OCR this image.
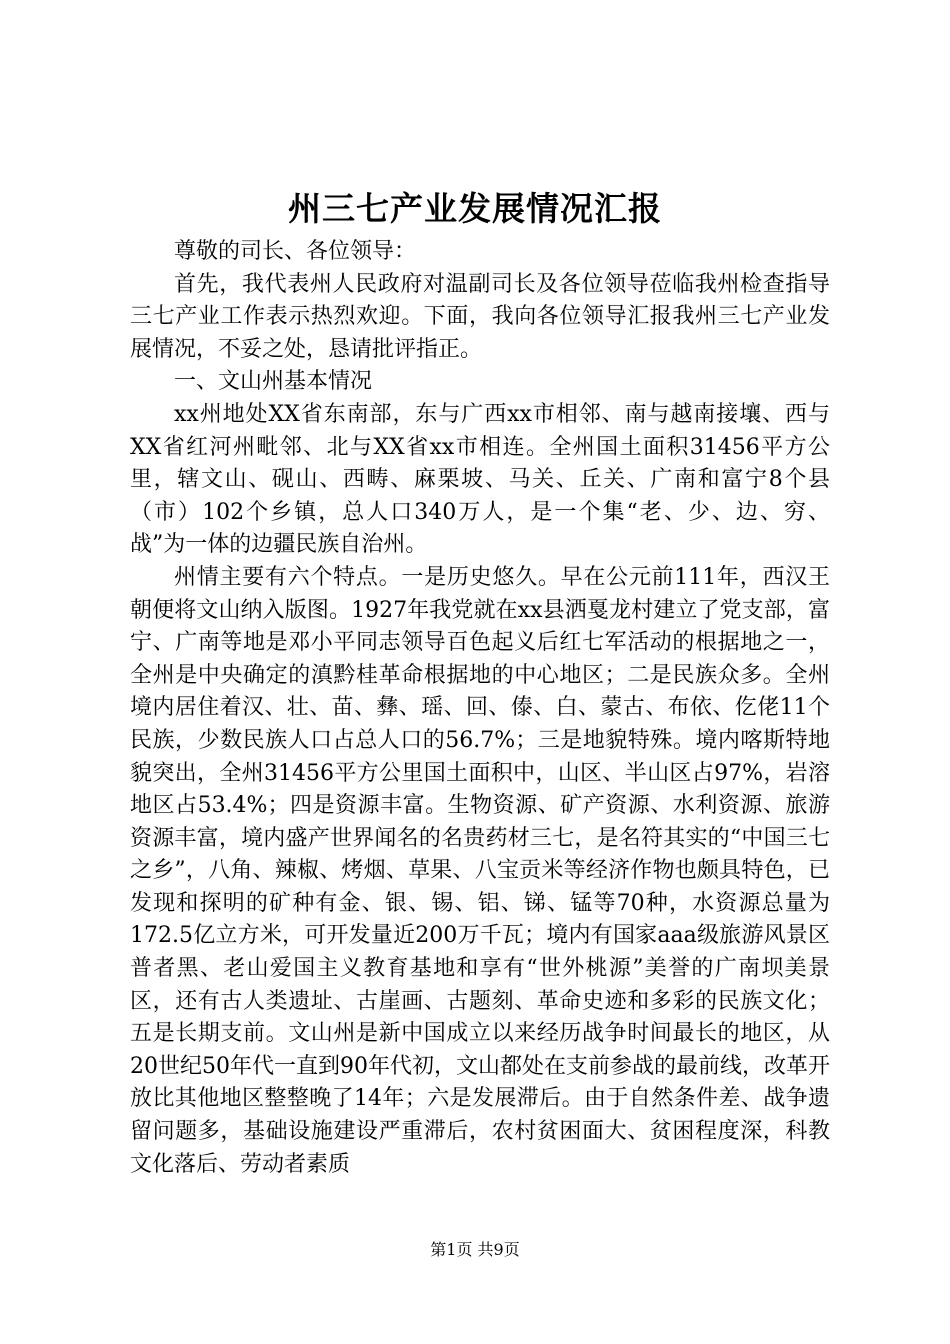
州三七产业发展情况汇报

尊敬的司长、各位领导：

首先，我代表州人民政府对温副司长及各位领导莅临我州检查指导三七产业工作表示热烈欢迎。下面，我向各位领导汇报我州三七产业发展情况，不妥之处，恳请批评指正。

一、文山州基本情况

xx州地处XX省东南部，东与广西xx市相邻、南与越南接壤、西与XX省红河州毗邻、北与XX省xx市相连。全州国土面积31456平方公里，辖文山、砚山、西畴、麻栗坡、马关、丘关、广南和富宁8个县（市）102个乡镇，总人口340万人，是一个集“老、少、边、穷、战”为一体的边疆民族自治州。

州情主要有六个特点。一是历史悠久。早在公元前111年，西汉王朝便将文山纳入版图。1927年我党就在xx县洒戛龙村建立了党支部，富宁、广南等地是邓小平同志领导百色起义后红七军活动的根据地之一，全州是中央确定的滇黔桂革命根据地的中心地区；二是民族众多。全州境内居住着汉、壮、苗、彝、瑶、回、傣、白、蒙古、布依、仡佬11个民族，少数民族人口占总人口的56.7%；三是地貌特殊。境内喀斯特地貌突出，全州31456平方公里国土面积中，山区、半山区占97%，岩溶地区占53.4%；四是资源丰富。生物资源、矿产资源、水利资源、旅游资源丰富，境内盛产世界闻名的名贵药材三七，是名符其实的“中国三七之乡”，八角、辣椒、烤烟、草果、八宝贡米等经济作物也颇具特色，已发现和探明的矿种有金、银、锡、铝、锑、锰等70种，水资源总量为172.5亿立方米，可开发量近200万千瓦；境内有国家aaa级旅游风景区普者黑、老山爱国主义教育基地和享有“世外桃源”美誉的广南坝美景区，还有古人类遗址、古崖画、古题刻、革命史迹和多彩的民族文化；五是长期支前。文山州是新中国成立以来经历战争时间最长的地区，从20世纪50年代一直到90年代初，文山都处在支前参战的最前线，改革开放比其他地区整整晚了14年；六是发展滞后。由于自然条件差、战争遗留问题多，基础设施建设严重滞后，农村贫困面大、贫困程度深，科教文化落后、劳动者素质

第1页 共9页
